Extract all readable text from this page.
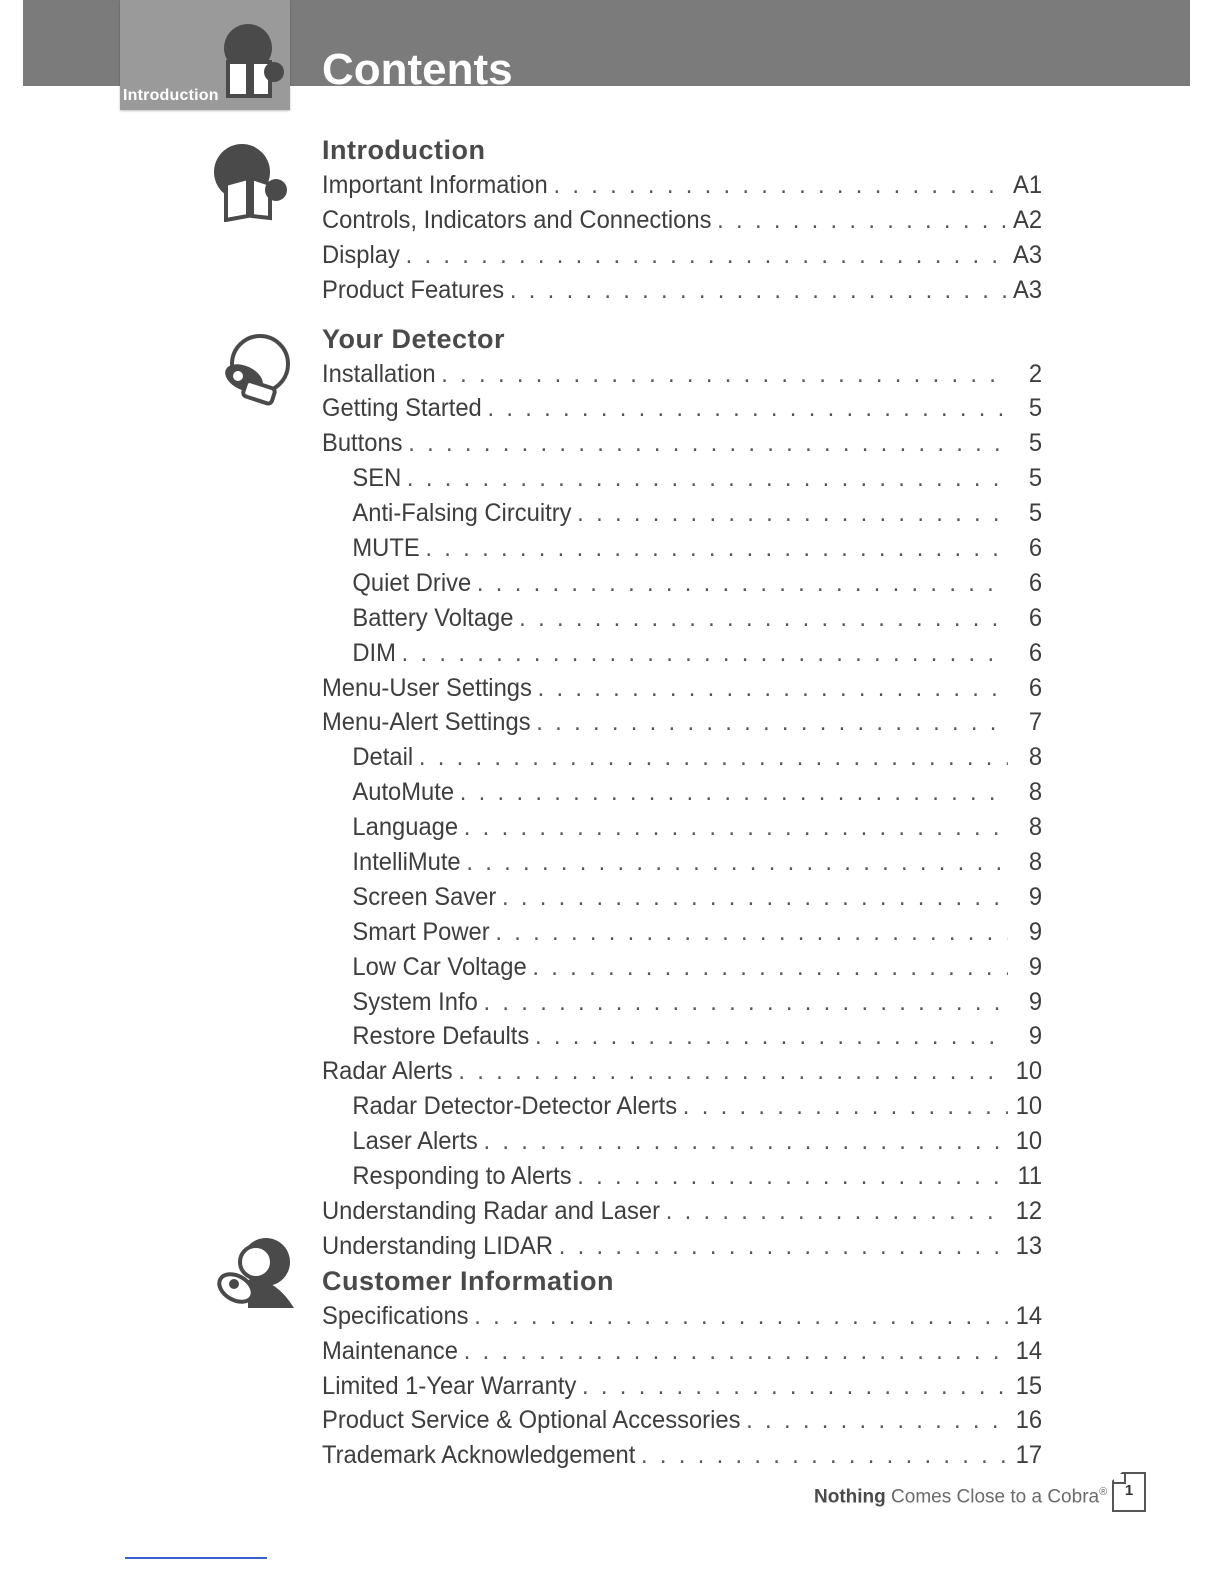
Introduction
Contents
Introduction
Important Information . . .	A1
Controls, Indicators and Connections . . .	A2
Display . . .	A3
Product Features . . .	A3
Your Detector
Installation . . .	2
Getting Started . . .	5
Buttons . . .	5
SEN . . .	5
Anti-Falsing Circuitry . . .	5
MUTE . . .	6
Quiet Drive . . .	6
Battery Voltage . . .	6
DIM . . .	6
Menu-User Settings . . .	6
Menu-Alert Settings . . .	7
Detail . . .	8
AutoMute . . .	8
Language . . .	8
IntelliMute . . .	8
Screen Saver . . .	9
Smart Power . . .	9
Low Car Voltage . . .	9
System Info . . .	9
Restore Defaults . . .	9
Radar Alerts . . .	10
Radar Detector-Detector Alerts . . .	10
Laser Alerts . . .	10
Responding to Alerts . . .	11
Understanding Radar and Laser . . .	12
Understanding LIDAR . . .	13
Customer Information
Specifications . . .	14
Maintenance . . .	14
Limited 1-Year Warranty . . .	15
Product Service & Optional Accessories . . .	16
Trademark Acknowledgement . . .	17
Nothing Comes Close to a Cobra®	1
